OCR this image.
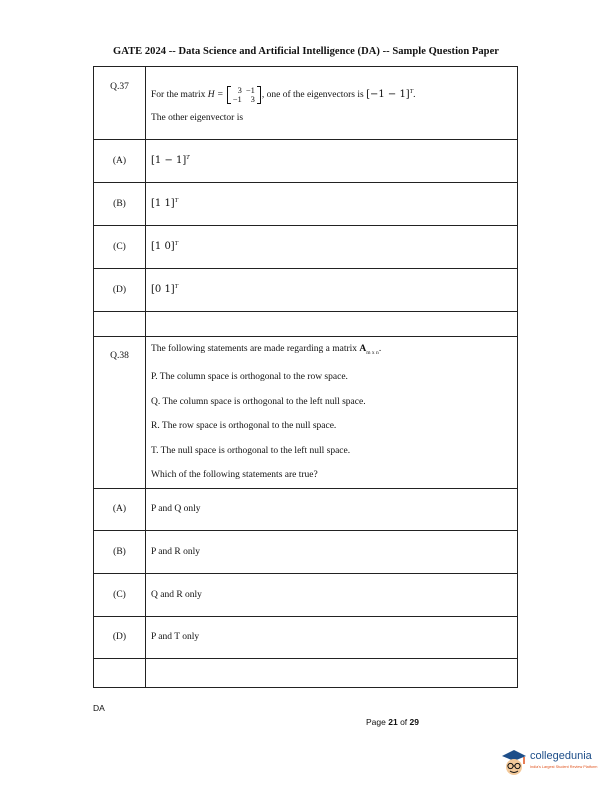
GATE 2024 -- Data Science and Artificial Intelligence (DA) -- Sample Question Paper
Q.37

For the matrix H =
3	−1
−1	3 , one of the eigenvectors is $[-1 - 1]^T$.
The other eigenvector is

(A)	$[1 - 1]^T$
(B)	[1 1]$^T$
(C)	[1 0]$^T$
(D)	[0 1]$^T$

Q.38

The following statements are made regarding a matrix $A_{m x n}$.
P. The column space is orthogonal to the row space.
Q. The column space is orthogonal to the left null space.
R. The row space is orthogonal to the null space.
T. The null space is orthogonal to the left null space.
Which of the following statements are true?

(A)	P and Q only
(B)	P and R only
(C)	Q and R only
(D)	P and T only

DA
Page 21 of 29
collegedunia
India's Largest Student Review Platform
